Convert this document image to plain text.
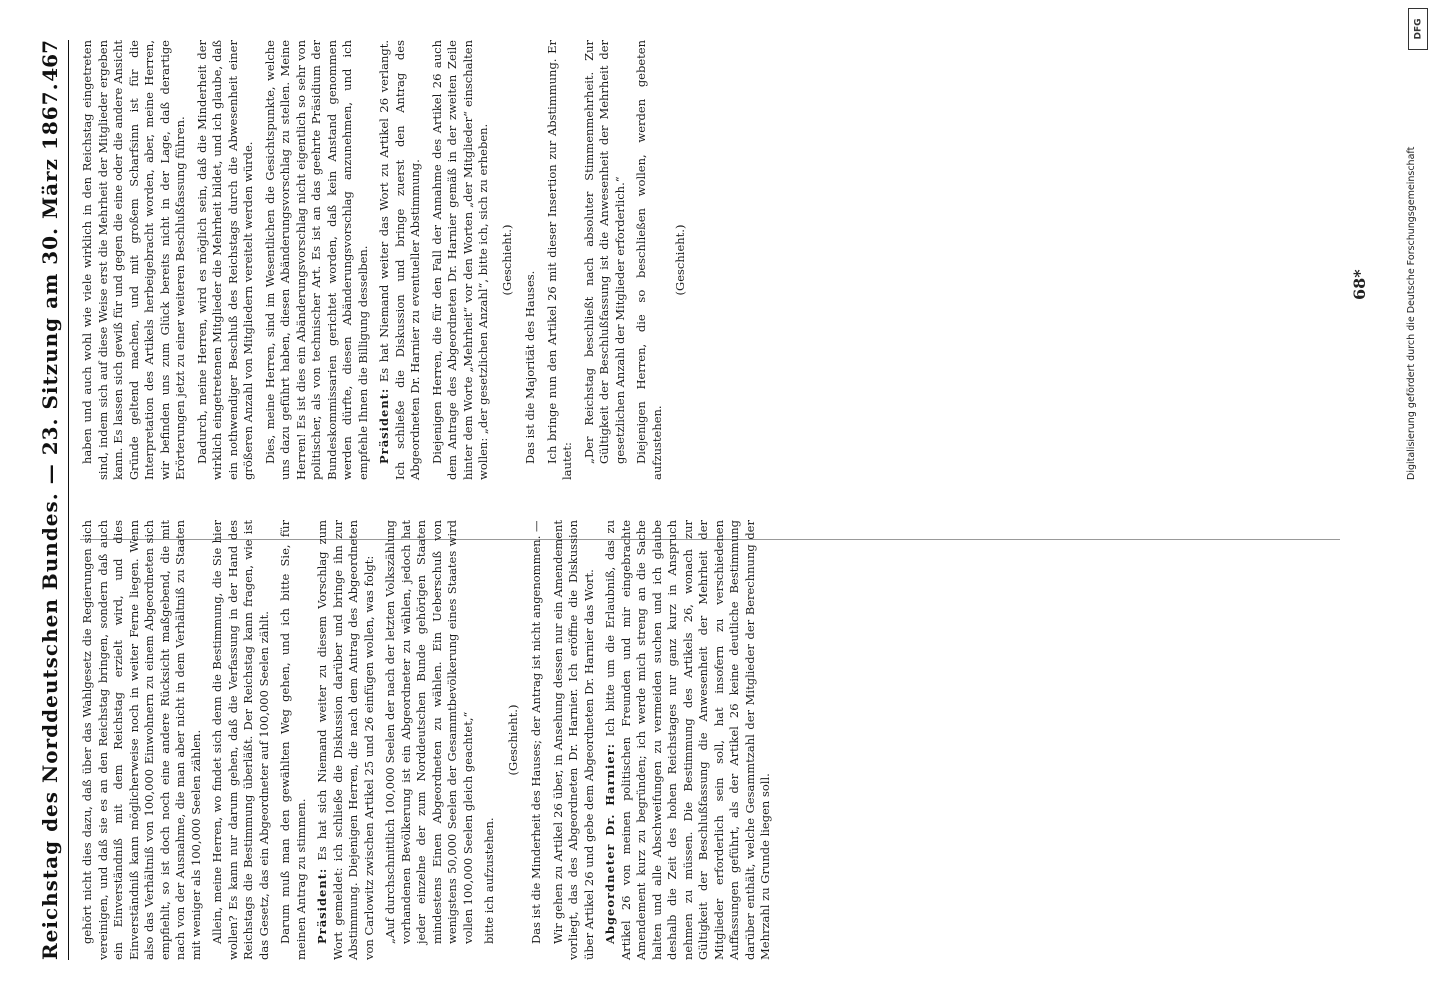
Reichstag des Norddeutschen Bundes. — 23. Sitzung am 30. März 1867.
467

gehört nicht dies dazu, daß über das Wahlgesetz die Regierungen sich vereinigen, und daß sie es an den Reichstag bringen, sondern daß auch ein Einverständniß mit dem Reichstag erzielt wird, und dies Einverständniß kann möglicherweise noch in weiter Ferne liegen. Wenn also das Verhältniß von 100,000 Einwohnern zu einem Abgeordneten sich empfiehlt, so ist doch noch eine andere Rücksicht maßgebend, die mit nach von der Ausnahme, die man aber nicht in dem Verhältniß zu Staaten mit weniger als 100,000 Seelen zählen. Allein, meine Herren, wo findet sich denn die Bestimmung, die Sie hier wollen? Es kann nur darum gehen, daß die Verfassung in der Hand des Reichstags die Bestimmung überläßt. Der Reichstag kann fragen, wie ist das Gesetz, das ein Abgeordneter auf 100,000 Seelen zählt. Darum muß man den gewählten Weg gehen, und ich bitte Sie, für meinen Antrag zu stimmen. Präsident: Es hat sich Niemand weiter zu diesem Vorschlag zum Wort gemeldet: ich schließe die Diskussion darüber und bringe ihn zur Abstimmung. Diejenigen Herren, die nach dem Antrag des Abgeordneten von Carlowitz zwischen Artikel 25 und 26 einfügen wollen, was folgt: „Auf durchschnittlich 100,000 Seelen der nach der letzten Volkszählung vorhandenen Bevölkerung ist ein Abgeordneter zu wählen, jedoch hat jeder einzelne der zum Norddeutschen Bunde gehörigen Staaten mindestens Einen Abgeordneten zu wählen. Ein Ueberschuß von wenigstens 50,000 Seelen der Gesammtbevölkerung eines Staates wird vollen 100,000 Seelen gleich geachtet,“ bitte ich aufzustehen.

(Geschieht.) Das ist die Minderheit des Hauses; der Antrag ist nicht angenommen. — Wir gehen zu Artikel 26 über, in Ansehung dessen nur ein Amendement vorliegt, das des Abgeordneten Dr. Harnier. Ich eröffne die Diskussion über Artikel 26 und gebe dem Abgeordneten Dr. Harnier das Wort. Abgeordneter Dr. Harnier: Ich bitte um die Erlaubniß, das zu Artikel 26 von meinen politischen Freunden und mir eingebrachte Amendement kurz zu begründen; ich werde mich streng an die Sache halten und alle Abschweifungen zu vermeiden suchen und ich glaube deshalb die Zeit des hohen Reichstages nur ganz kurz in Anspruch nehmen zu müssen. Die Bestimmung des Artikels 26, wonach zur Gültigkeit der Beschlußfassung die Anwesenheit der Mehrheit der Mitglieder erforderlich sein soll, hat insofern zu verschiedenen Auffassungen geführt, als der Artikel 26 keine deutliche Bestimmung darüber enthält, welche Gesammtzahl der Mitglieder der Berechnung der Mehrzahl zu Grunde liegen soll.

haben und auch wohl wie viele wirklich in den Reichstag eingetreten sind, indem sich auf diese Weise erst die Mehrheit der Mitglieder ergeben kann. Es lassen sich gewiß für und gegen die eine oder die andere Ansicht Gründe geltend machen, und mit großem Scharfsinn ist für die Interpretation des Artikels herbeigebracht worden, aber, meine Herren, wir befinden uns zum Glück bereits nicht in der Lage, daß derartige Erörterungen jetzt zu einer weiteren Beschlußfassung führen. Dadurch, meine Herren, wird es möglich sein, daß die Minderheit der wirklich eingetretenen Mitglieder die Mehrheit bildet, und ich glaube, daß ein nothwendiger Beschluß des Reichstags durch die Abwesenheit einer größeren Anzahl von Mitgliedern vereitelt werden würde. Dies, meine Herren, sind im Wesentlichen die Gesichtspunkte, welche uns dazu geführt haben, diesen Abänderungsvorschlag zu stellen. Meine Herren! Es ist dies ein Abänderungsvorschlag nicht eigentlich so sehr von politischer, als von technischer Art. Es ist an das geehrte Präsidium der Bundeskommissarien gerichtet worden, daß kein Anstand genommen werden dürfte, diesen Abänderungsvorschlag anzunehmen, und ich empfehle Ihnen die Billigung desselben. Präsident: Es hat Niemand weiter das Wort zu Artikel 26 verlangt. Ich schließe die Diskussion und bringe zuerst den Antrag des Abgeordneten Dr. Harnier zu eventueller Abstimmung. Diejenigen Herren, die für den Fall der Annahme des Artikel 26 auch dem Antrage des Abgeordneten Dr. Harnier gemäß in der zweiten Zeile hinter dem Worte „Mehrheit“ vor den Worten „der Mitglieder“ einschalten wollen: „der gesetzlichen Anzahl“, bitte ich, sich zu erheben. (Geschieht.)

Das ist die Majorität des Hauses. Ich bringe nun den Artikel 26 mit dieser Insertion zur Abstimmung. Er lautet: „Der Reichstag beschließt nach absoluter Stimmenmehrheit. Zur Gültigkeit der Beschlußfassung ist die Anwesenheit der Mehrheit der gesetzlichen Anzahl der Mitglieder erforderlich.“ Diejenigen Herren, die so beschließen wollen, werden gebeten aufzustehen.

(Geschieht.)	68*
DFG
Digitalisierung gefördert durch die Deutsche Forschungsgemeinschaft
